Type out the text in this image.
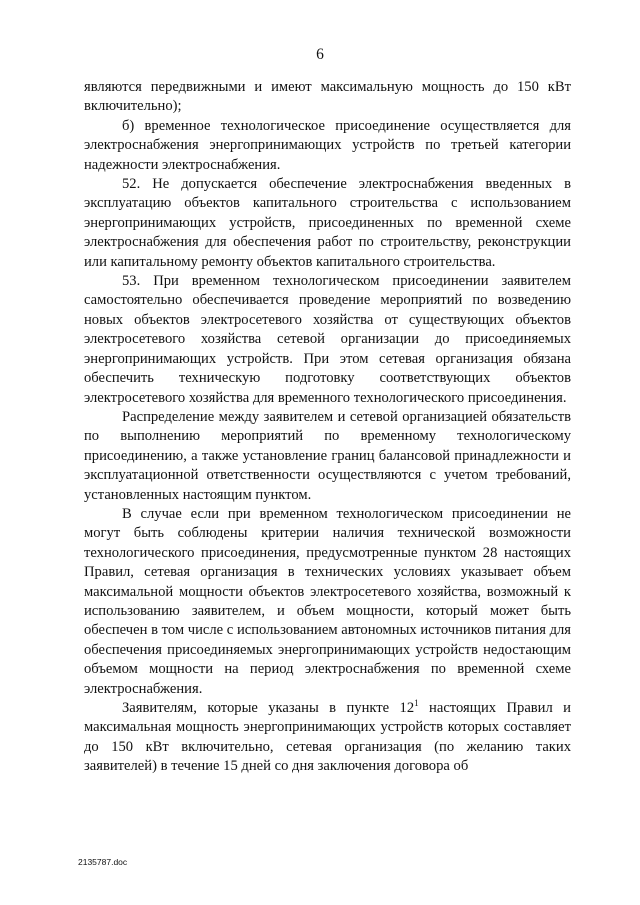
6

являются передвижными и имеют максимальную мощность до 150 кВт включительно);

б) временное технологическое присоединение осуществляется для электроснабжения энергопринимающих устройств по третьей категории надежности электроснабжения.

52. Не допускается обеспечение электроснабжения введенных в эксплуатацию объектов капитального строительства с использованием энергопринимающих устройств, присоединенных по временной схеме электроснабжения для обеспечения работ по строительству, реконструкции или капитальному ремонту объектов капитального строительства.

53. При временном технологическом присоединении заявителем самостоятельно обеспечивается проведение мероприятий по возведению новых объектов электросетевого хозяйства от существующих объектов электросетевого хозяйства сетевой организации до присоединяемых энергопринимающих устройств. При этом сетевая организация обязана обеспечить техническую подготовку соответствующих объектов электросетевого хозяйства для временного технологического присоединения.

Распределение между заявителем и сетевой организацией обязательств по выполнению мероприятий по временному технологическому присоединению, а также установление границ балансовой принадлежности и эксплуатационной ответственности осуществляются с учетом требований, установленных настоящим пунктом.

В случае если при временном технологическом присоединении не могут быть соблюдены критерии наличия технической возможности технологического присоединения, предусмотренные пунктом 28 настоящих Правил, сетевая организация в технических условиях указывает объем максимальной мощности объектов электросетевого хозяйства, возможный к использованию заявителем, и объем мощности, который может быть обеспечен в том числе с использованием автономных источников питания для обеспечения присоединяемых энергопринимающих устройств недостающим объемом мощности на период электроснабжения по временной схеме электроснабжения.

Заявителям, которые указаны в пункте $12^1$ настоящих Правил и максимальная мощность энергопринимающих устройств которых составляет до 150 кВт включительно, сетевая организация (по желанию таких заявителей) в течение 15 дней со дня заключения договора об

2135787.doc
